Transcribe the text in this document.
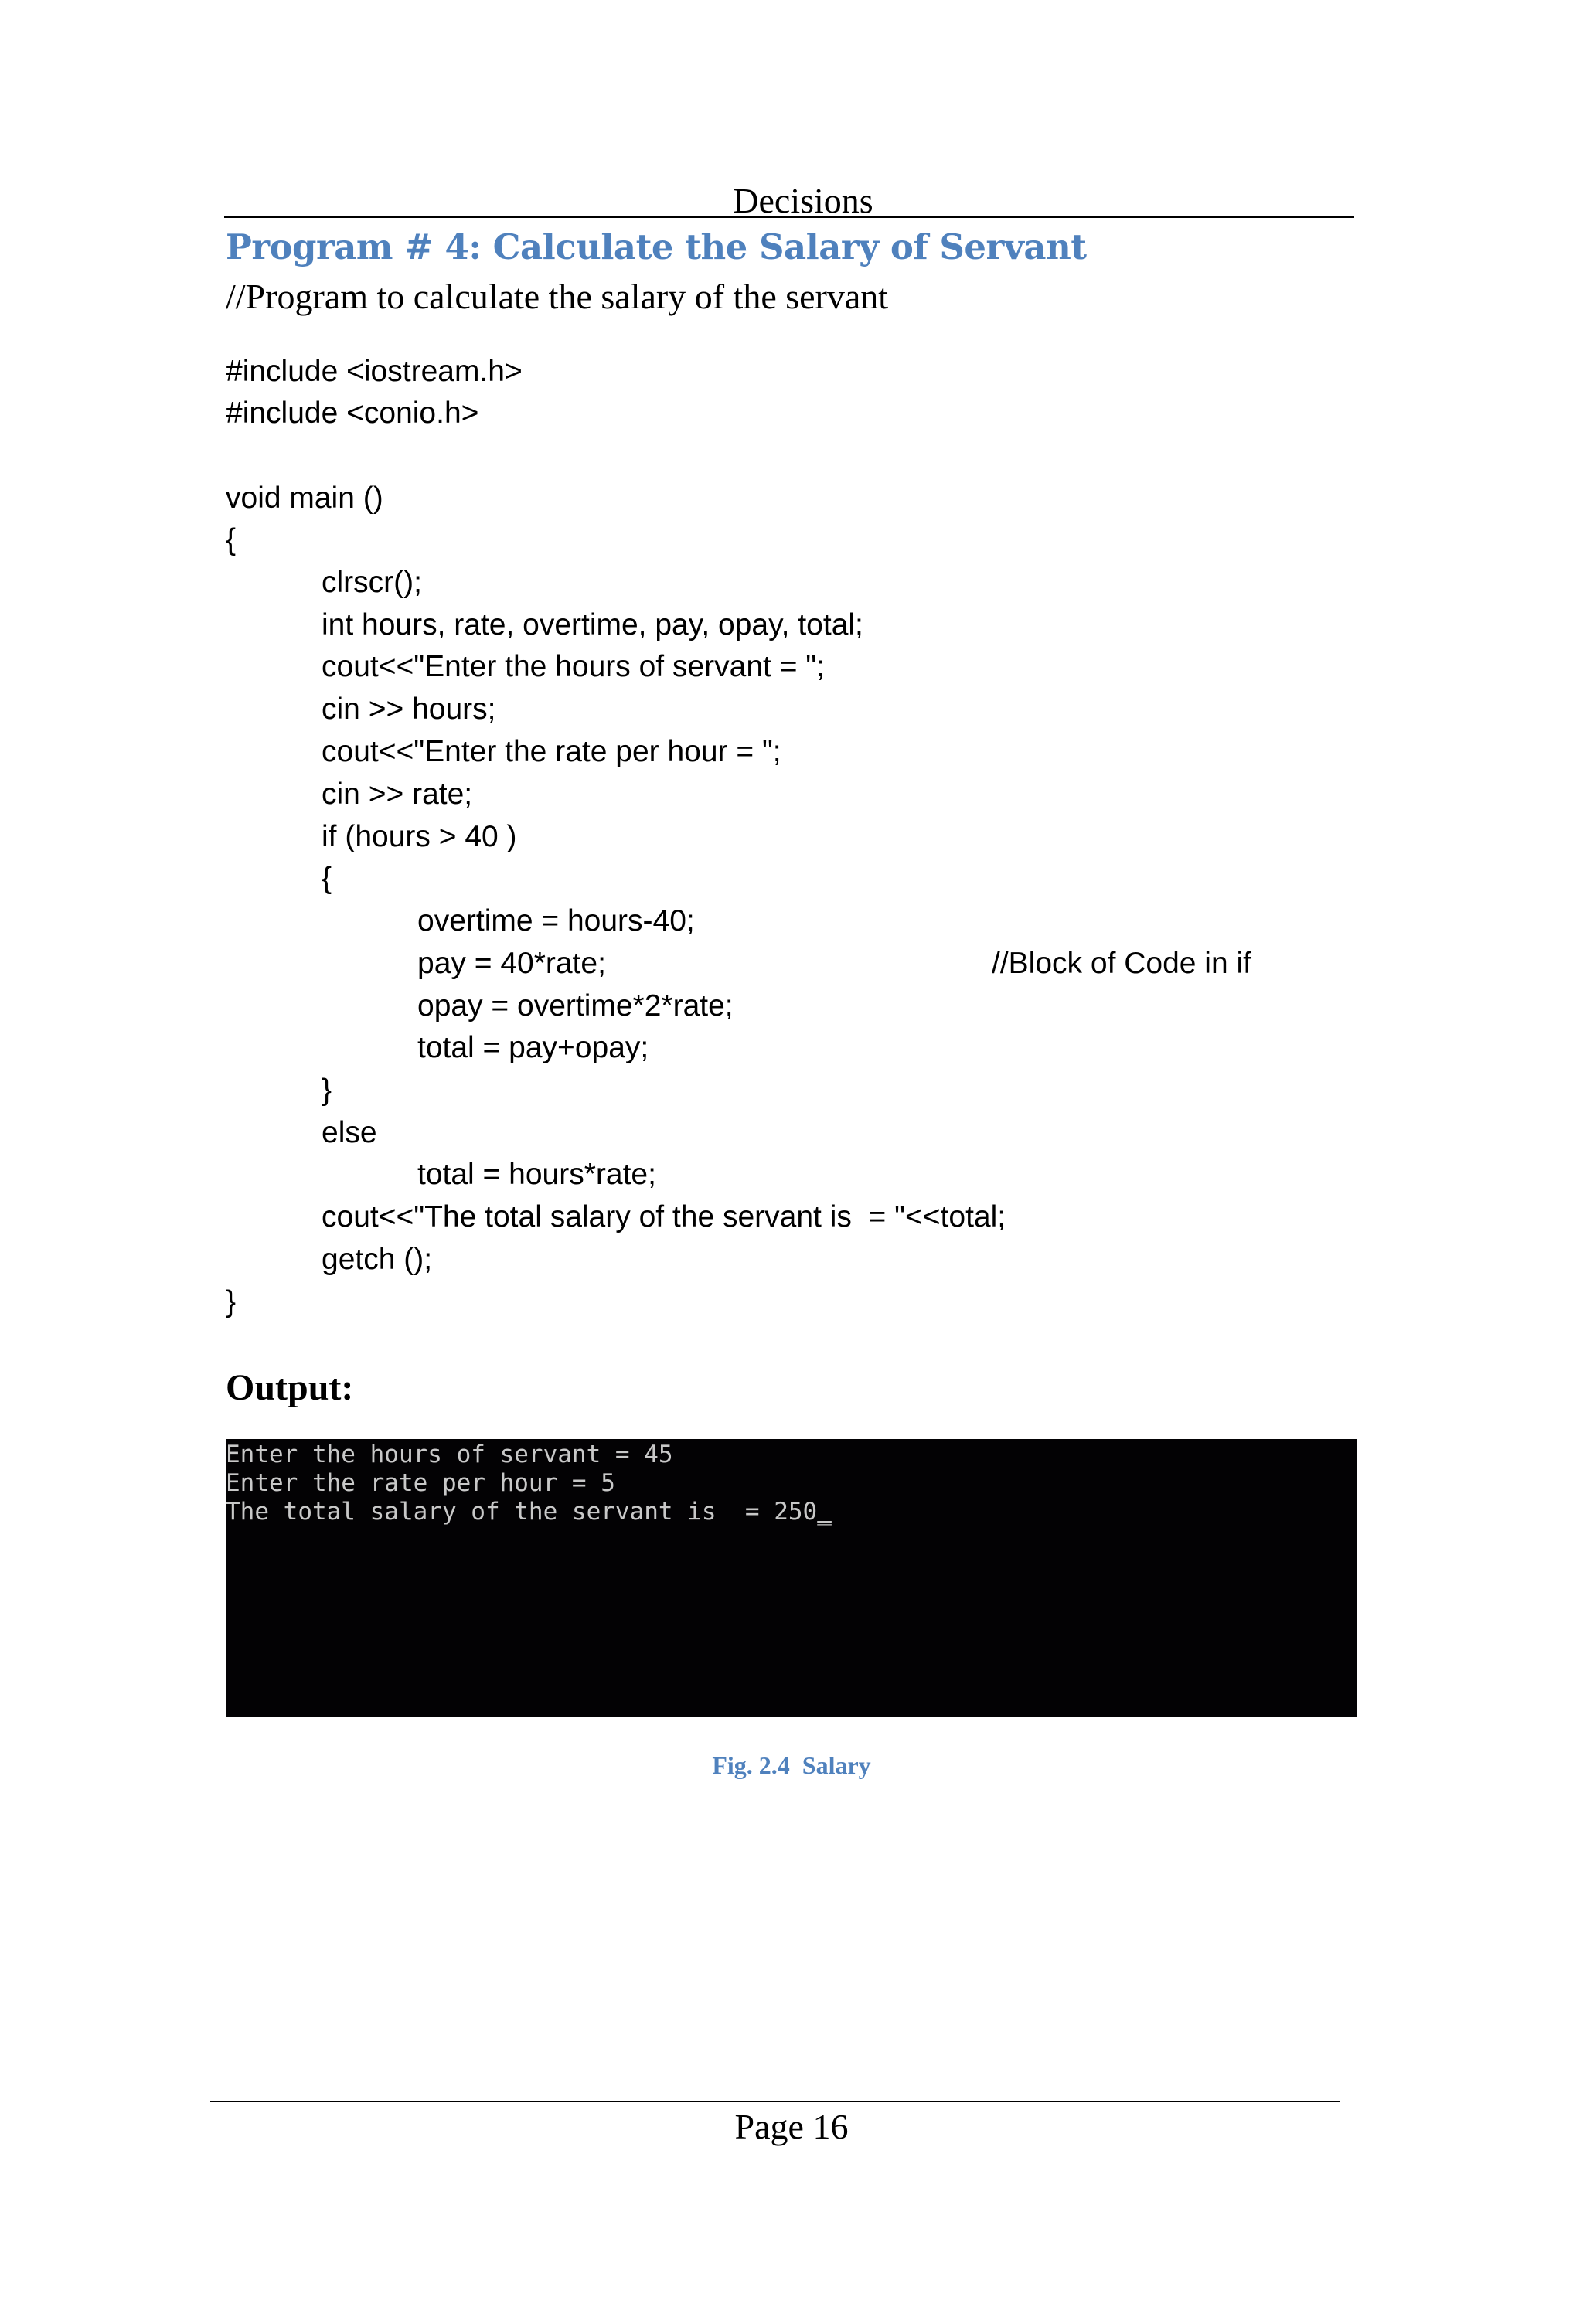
Decisions
Program # 4: Calculate the Salary of Servant
//Program to calculate the salary of the servant
#include <iostream.h>
#include <conio.h>
void main ()
{
clrscr();
int hours, rate, overtime, pay, opay, total;
cout<<"Enter the hours of servant = ";
cin >> hours;
cout<<"Enter the rate per hour = ";
cin >> rate;
if (hours > 40 )
{
overtime = hours-40;
pay = 40*rate;
opay = overtime*2*rate;
total = pay+opay;
}
else
total = hours*rate;
cout<<"The total salary of the servant is  = "<<total;
getch ();
}
//Block of Code in if
Output:
Enter the hours of servant = 45
Enter the rate per hour = 5
The total salary of the servant is  = 250_
Fig. 2.4  Salary
Page 16
